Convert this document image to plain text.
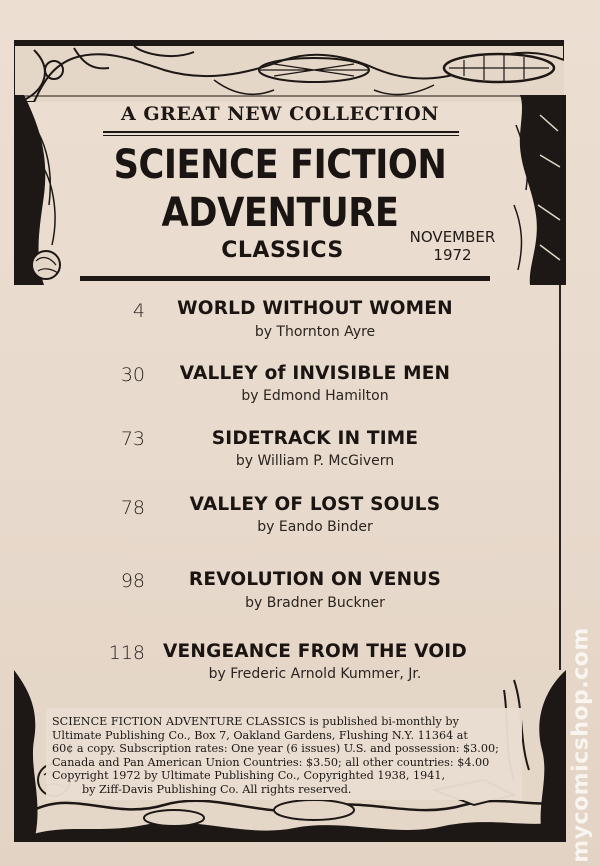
A GREAT NEW COLLECTION
SCIENCE FICTION
ADVENTURE
CLASSICS
NOVEMBER
1972
4	WORLD WITHOUT WOMEN
by Thornton Ayre
30	VALLEY of INVISIBLE MEN
by Edmond Hamilton
73	SIDETRACK IN TIME
by William P. McGivern
78	VALLEY OF LOST SOULS
by Eando Binder
98	REVOLUTION ON VENUS
by Bradner Buckner
118 VENGEANCE FROM THE VOID
by Frederic Arnold Kummer, Jr.

SCIENCE FICTION ADVENTURE CLASSICS is published bi-monthly by

Ultimate Publishing Co., Box 7, Oakland Gardens, Flushing N.Y. 11364 at

60¢ a copy. Subscription rates: One year (6 issues) U.S. and possession: $3.00;

Canada and Pan American Union Countries: $3.50; all other countries: $4.00

Copyright 1972 by Ultimate Publishing Co., Copyrighted 1938, 1941,

by Ziff-Davis Publishing Co. All rights reserved.	mycomicshop.com
